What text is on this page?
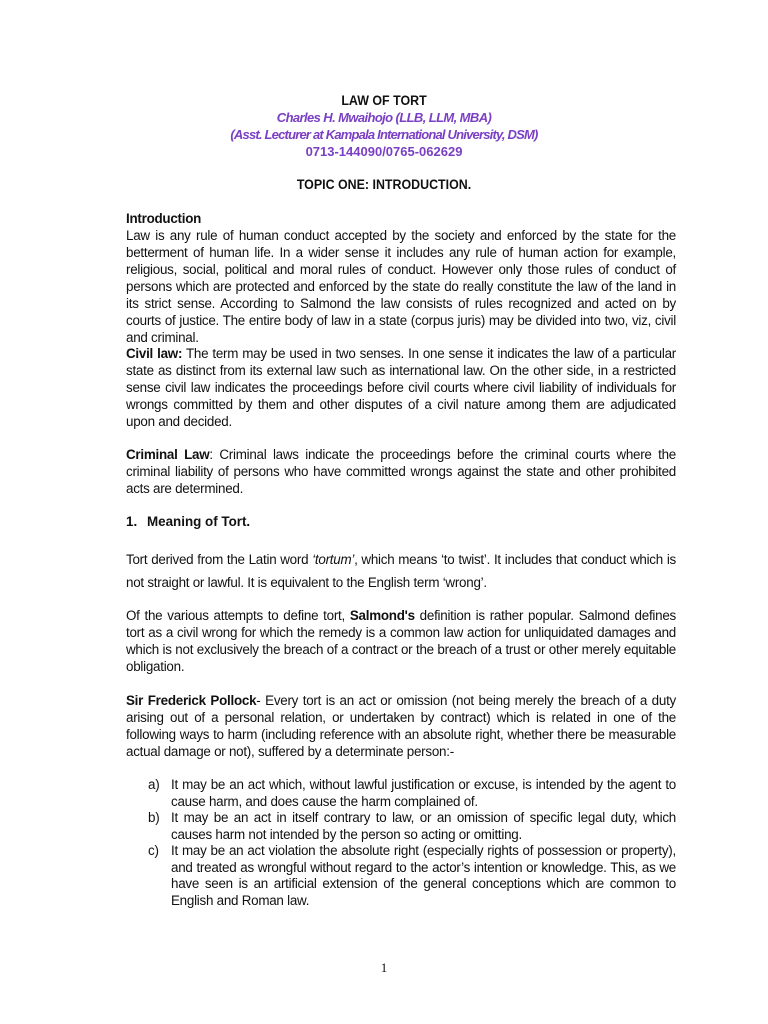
LAW OF TORT

Charles H. Mwaihojo (LLB, LLM, MBA)

(Asst. Lecturer at Kampala International University, DSM)

0713-144090/0765-062629

TOPIC ONE: INTRODUCTION.

Introduction
Law is any rule of human conduct accepted by the society and enforced by the state for the betterment of human life. In a wider sense it includes any rule of human action for example, religious, social, political and moral rules of conduct. However only those rules of conduct of persons which are protected and enforced by the state do really constitute the law of the land in its strict sense. According to Salmond the law consists of rules recognized and acted on by courts of justice. The entire body of law in a state (corpus juris) may be divided into two, viz, civil and criminal.

Civil law: The term may be used in two senses. In one sense it indicates the law of a particular state as distinct from its external law such as international law. On the other side, in a restricted sense civil law indicates the proceedings before civil courts where civil liability of individuals for wrongs committed by them and other disputes of a civil nature among them are adjudicated upon and decided.

Criminal Law: Criminal laws indicate the proceedings before the criminal courts where the criminal liability of persons who have committed wrongs against the state and other prohibited acts are determined.

1. Meaning of Tort.

Tort derived from the Latin word ‘tortum’, which means ‘to twist’. It includes that conduct which is not straight or lawful. It is equivalent to the English term ‘wrong’.

Of the various attempts to define tort, Salmond's definition is rather popular. Salmond defines tort as a civil wrong for which the remedy is a common law action for unliquidated damages and which is not exclusively the breach of a contract or the breach of a trust or other merely equitable obligation.

Sir Frederick Pollock- Every tort is an act or omission (not being merely the breach of a duty arising out of a personal relation, or undertaken by contract) which is related in one of the following ways to harm (including reference with an absolute right, whether there be measurable actual damage or not), suffered by a determinate person:-

a) It may be an act which, without lawful justification or excuse, is intended by the agent to cause harm, and does cause the harm complained of.
b) It may be an act in itself contrary to law, or an omission of specific legal duty, which causes harm not intended by the person so acting or omitting.
c) It may be an act violation the absolute right (especially rights of possession or property), and treated as wrongful without regard to the actor’s intention or knowledge. This, as we have seen is an artificial extension of the general conceptions which are common to English and Roman law.

1
